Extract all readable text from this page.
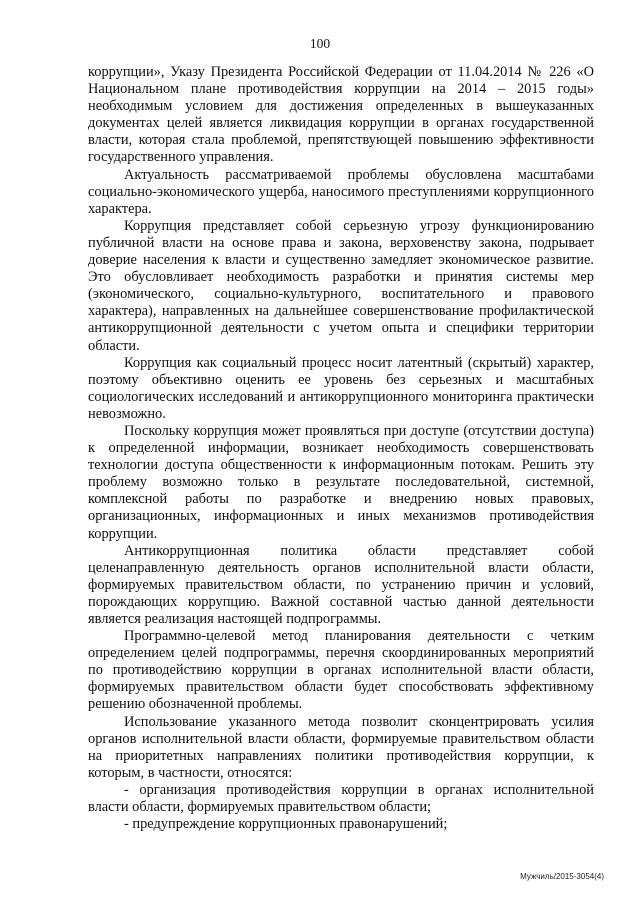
100

коррупции», Указу Президента Российской Федерации от 11.04.2014 № 226 «О Национальном плане противодействия коррупции на 2014 – 2015 годы» необходимым условием для достижения определенных в вышеуказанных документах целей является ликвидация коррупции в органах государственной власти, которая стала проблемой, препятствующей повышению эффективности государственного управления.

Актуальность рассматриваемой проблемы обусловлена масштабами социально-экономического ущерба, наносимого преступлениями коррупционного характера.

Коррупция представляет собой серьезную угрозу функционированию публичной власти на основе права и закона, верховенству закона, подрывает доверие населения к власти и существенно замедляет экономическое развитие. Это обусловливает необходимость разработки и принятия системы мер (экономического, социально-культурного, воспитательного и правового характера), направленных на дальнейшее совершенствование профилактической антикоррупционной деятельности с учетом опыта и специфики территории области.

Коррупция как социальный процесс носит латентный (скрытый) характер, поэтому объективно оценить ее уровень без серьезных и масштабных социологических исследований и антикоррупционного мониторинга практически невозможно.

Поскольку коррупция может проявляться при доступе (отсутствии доступа) к определенной информации, возникает необходимость совершенствовать технологии доступа общественности к информационным потокам. Решить эту проблему возможно только в результате последовательной, системной, комплексной работы по разработке и внедрению новых правовых, организационных, информационных и иных механизмов противодействия коррупции.

Антикоррупционная политика области представляет собой целенаправленную деятельность органов исполнительной власти области, формируемых правительством области, по устранению причин и условий, порождающих коррупцию. Важной составной частью данной деятельности является реализация настоящей подпрограммы.

Программно-целевой метод планирования деятельности с четким определением целей подпрограммы, перечня скоординированных мероприятий по противодействию коррупции в органах исполнительной власти области, формируемых правительством области будет способствовать эффективному решению обозначенной проблемы.

Использование указанного метода позволит сконцентрировать усилия органов исполнительной власти области, формируемые правительством области на приоритетных направлениях политики противодействия коррупции, к которым, в частности, относятся:

- организация противодействия коррупции в органах исполнительной власти области, формируемых правительством области;

- предупреждение коррупционных правонарушений;

Мужчиль/2015-3054(4)
